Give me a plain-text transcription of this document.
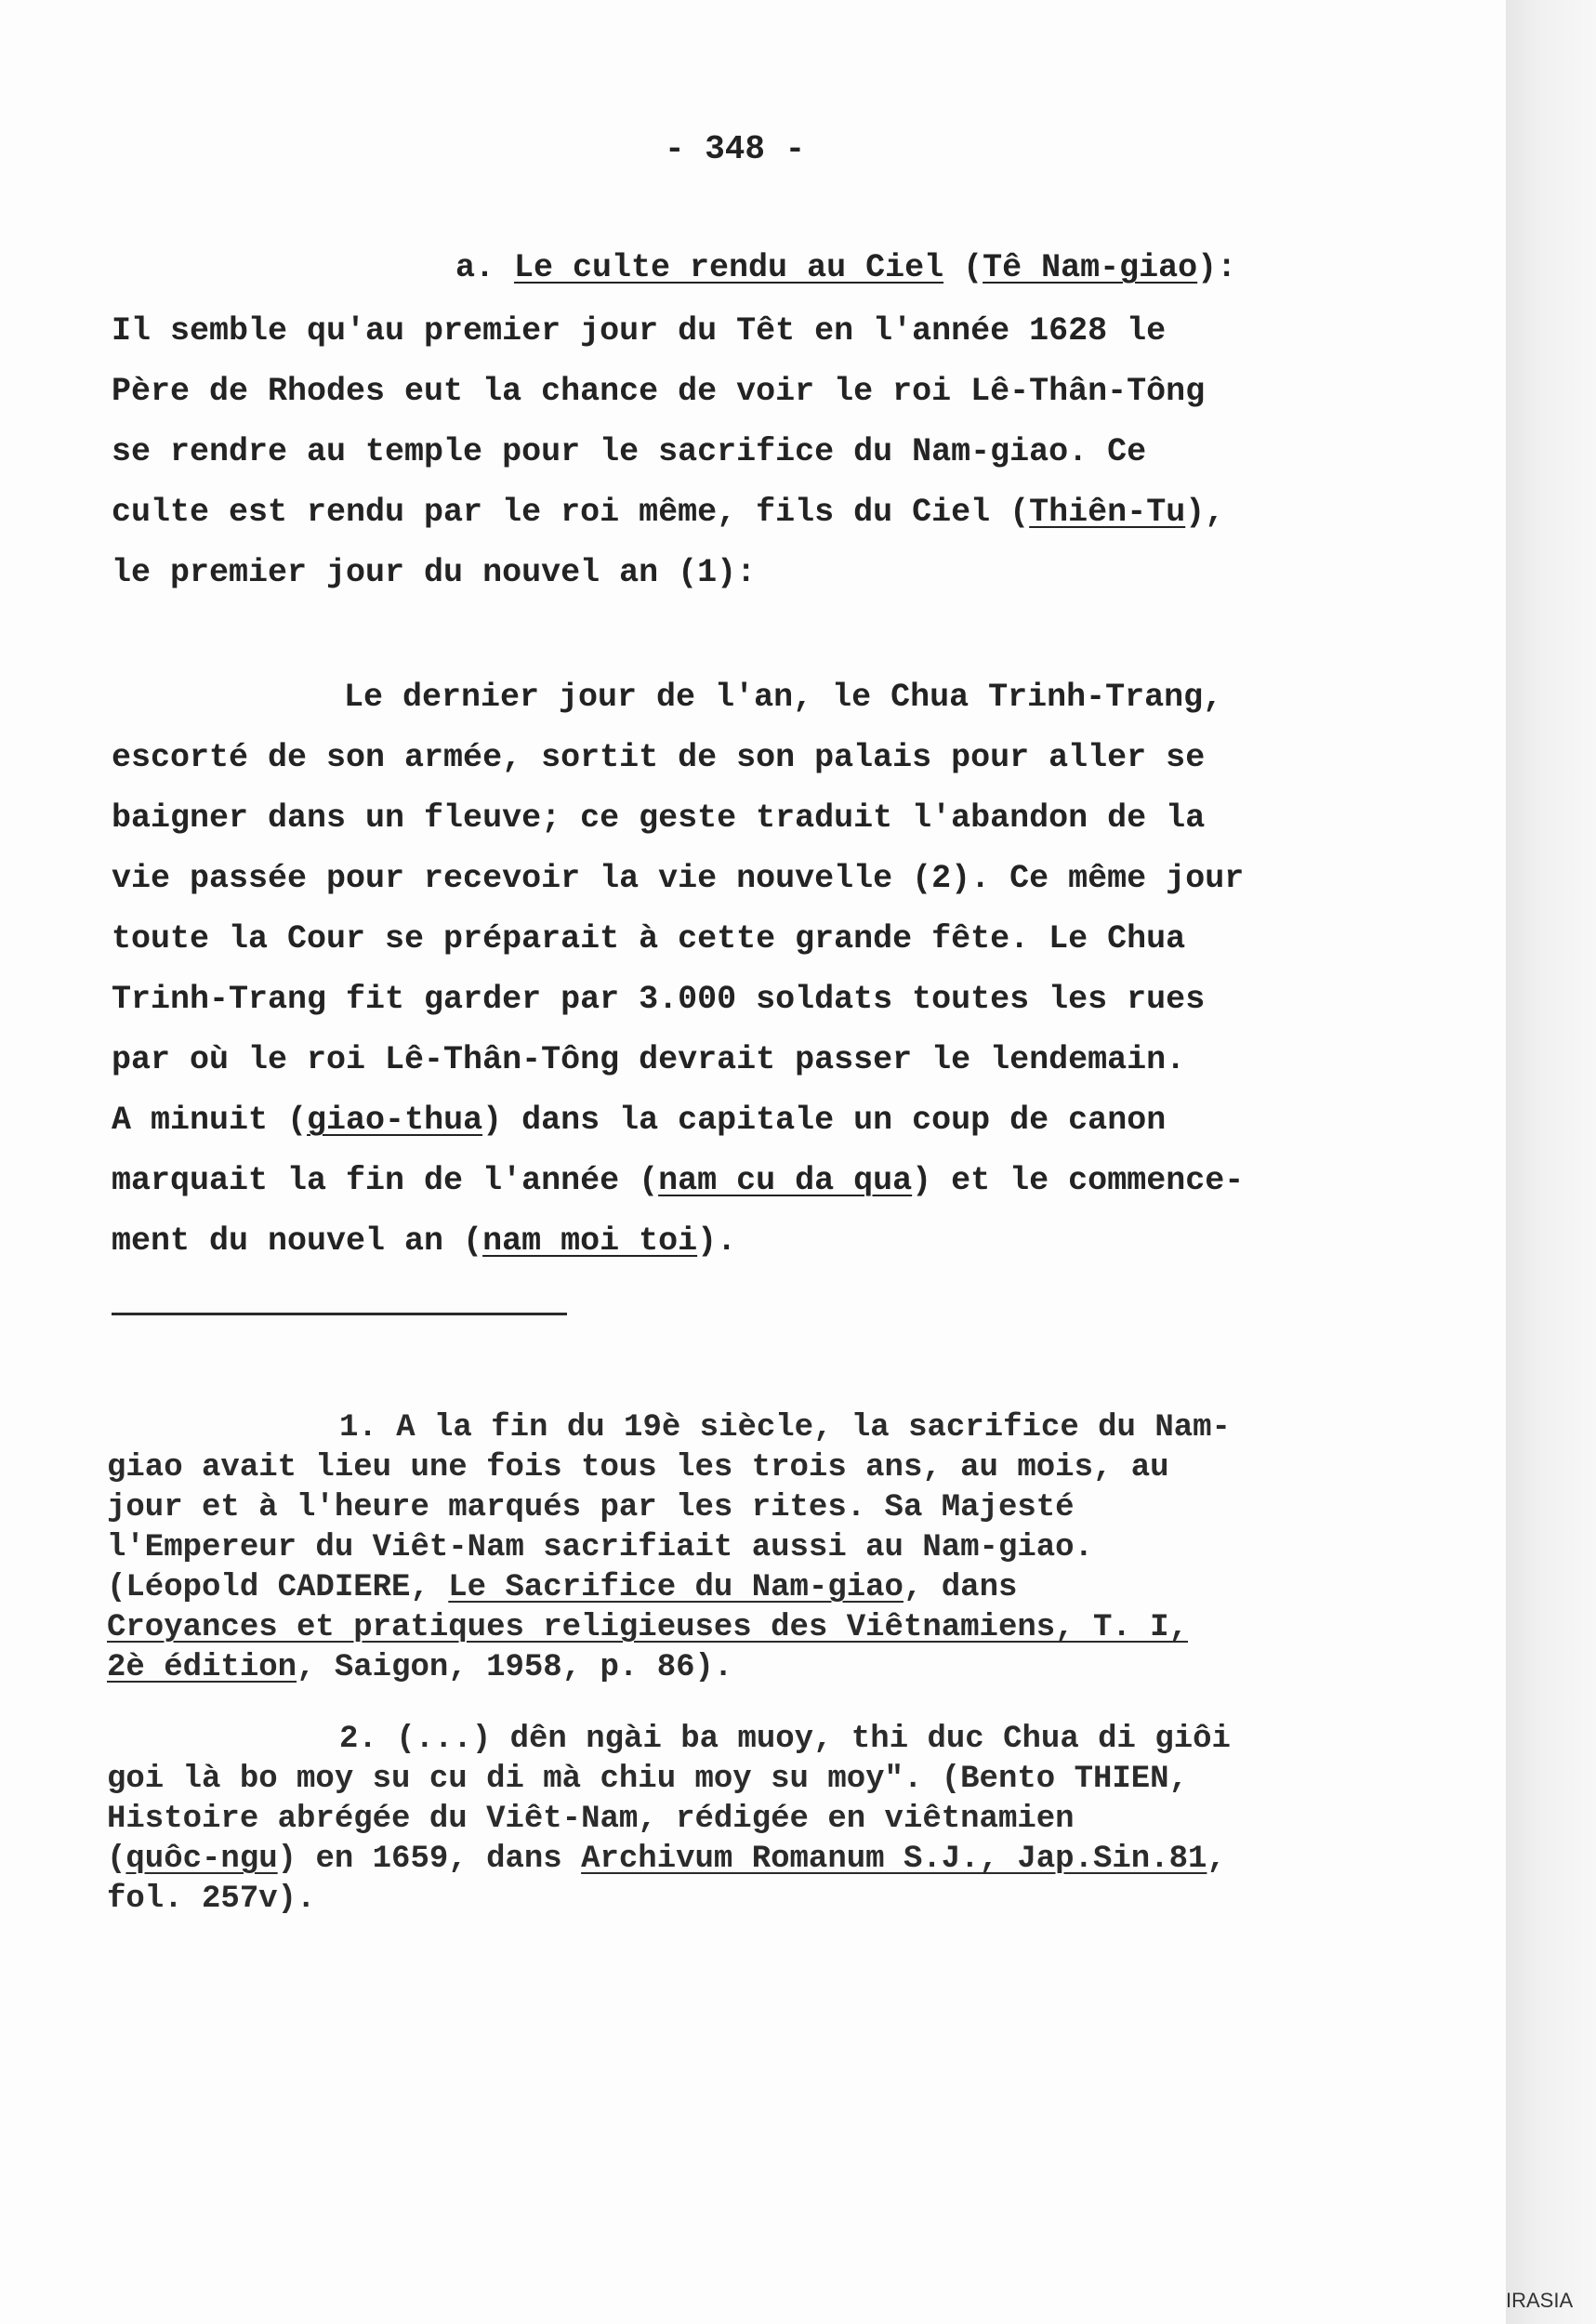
- 348 -

a. Le culte rendu au Ciel (Tê Nam-giao):

Il semble qu'au premier jour du Têt en l'année 1628 le

Père de Rhodes eut la chance de voir le roi Lê-Thân-Tông

se rendre au temple pour le sacrifice du Nam-giao. Ce

culte est rendu par le roi même, fils du Ciel (Thiên-Tu),

le premier jour du nouvel an (1):

Le dernier jour de l'an, le Chua Trinh-Trang,

escorté de son armée, sortit de son palais pour aller se

baigner dans un fleuve; ce geste traduit l'abandon de la

vie passée pour recevoir la vie nouvelle (2). Ce même jour

toute la Cour se préparait à cette grande fête. Le Chua

Trinh-Trang fit garder par 3.000 soldats toutes les rues

par où le roi Lê-Thân-Tông devrait passer le lendemain.

A minuit (giao-thua) dans la capitale un coup de canon

marquait la fin de l'année (nam cu da qua) et le commence-

ment du nouvel an (nam moi toi).

1. A la fin du 19è siècle, la sacrifice du Nam-

giao avait lieu une fois tous les trois ans, au mois, au

jour et à l'heure marqués par les rites. Sa Majesté

l'Empereur du Viêt-Nam sacrifiait aussi au Nam-giao.

(Léopold CADIERE, Le Sacrifice du Nam-giao, dans

Croyances et pratiques religieuses des Viêtnamiens, T. I,

2è édition, Saigon, 1958, p. 86).

2. (...) dên ngài ba muoy, thi duc Chua di giôi

goi là bo moy su cu di mà chiu moy su moy". (Bento THIEN,

Histoire abrégée du Viêt-Nam, rédigée en viêtnamien

(quôc-ngu) en 1659, dans Archivum Romanum S.J., Jap.Sin.81,

fol. 257v).

IRASIA
